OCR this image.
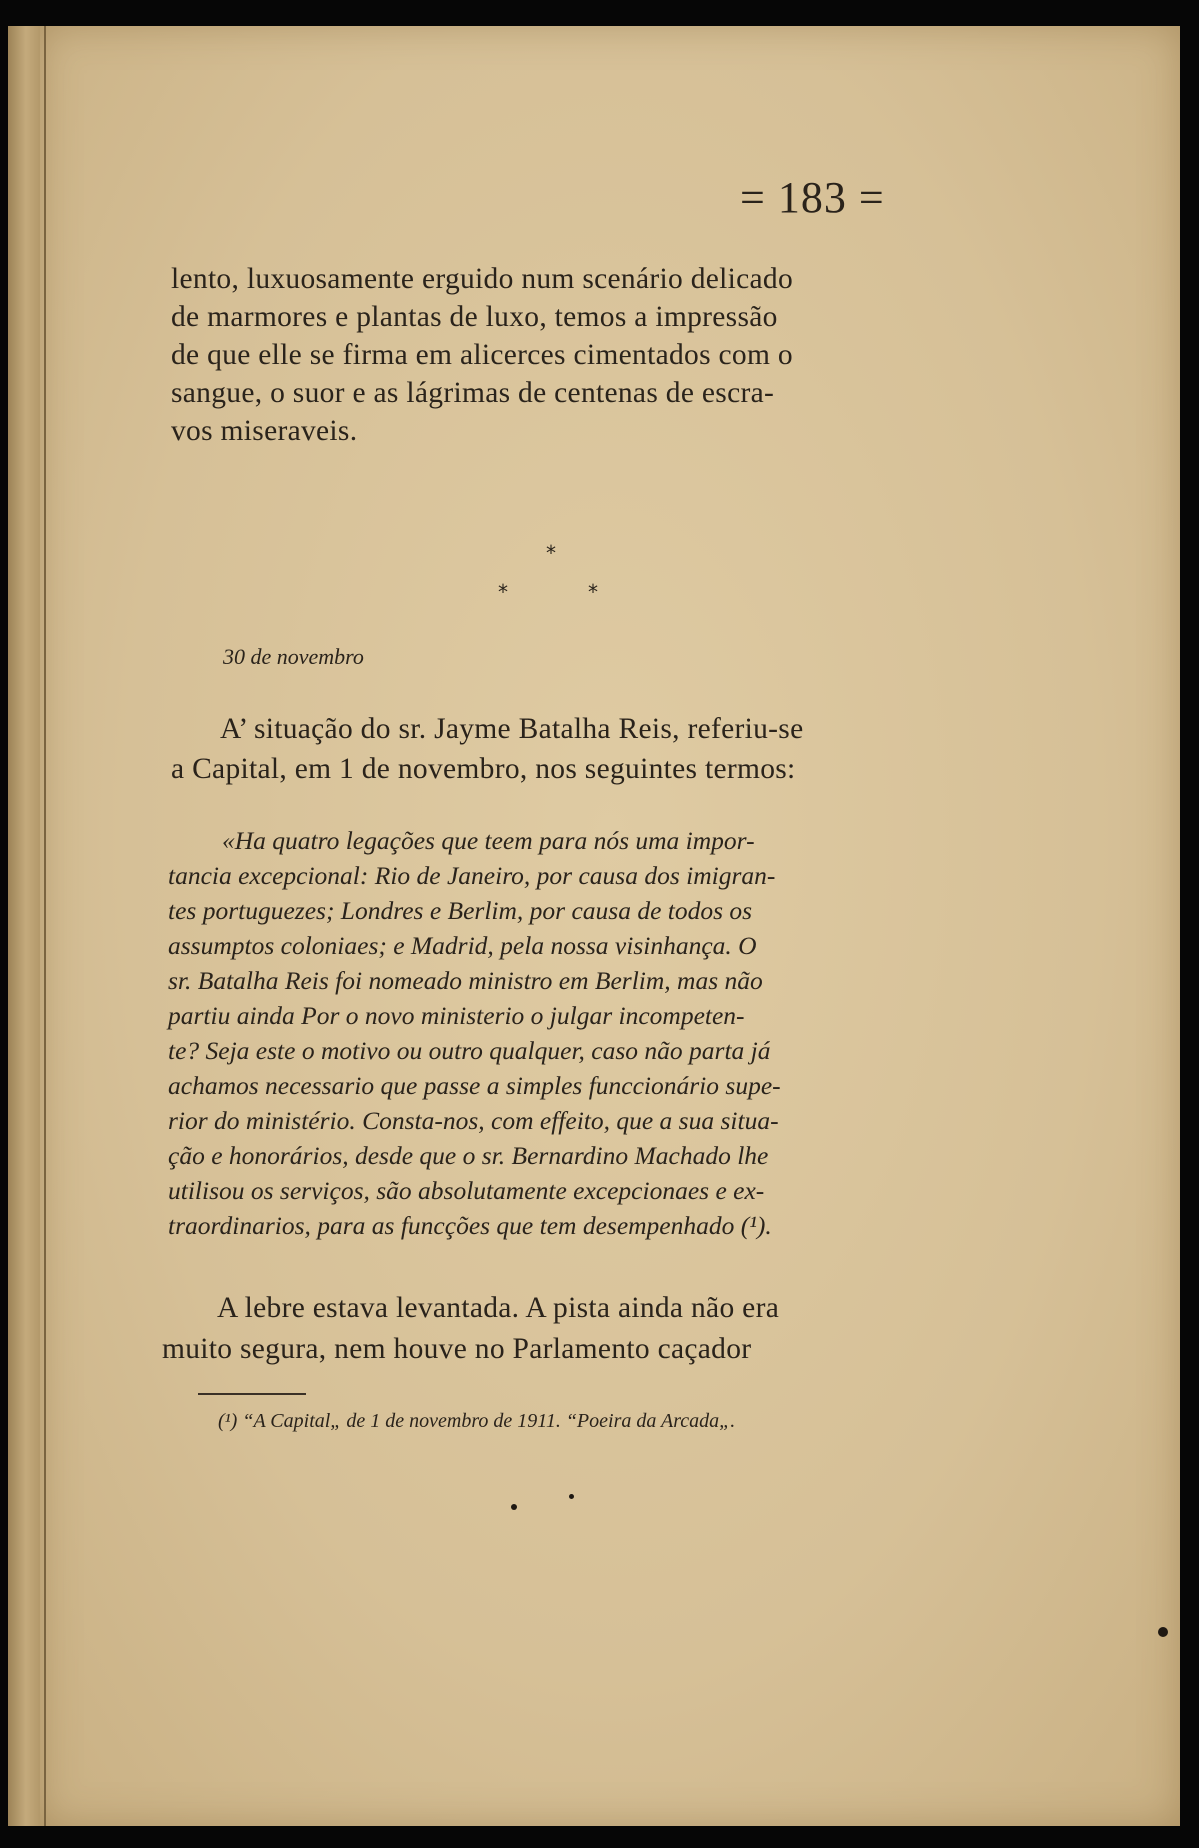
= 183 =
lento, luxuosamente erguido num scenário delicado
de marmores e plantas de luxo, temos a impressão
de que elle se firma em alicerces cimentados com o
sangue, o suor e as lágrimas de centenas de escra-
vos miseraveis.
*
*	*
30 de novembro
A’ situação do sr. Jayme Batalha Reis, referiu-se
a Capital, em 1 de novembro, nos seguintes termos:
«Ha quatro legações que teem para nós uma impor-
tancia excepcional: Rio de Janeiro, por causa dos imigran-
tes portuguezes; Londres e Berlim, por causa de todos os
assumptos coloniaes; e Madrid, pela nossa visinhança. O
sr. Batalha Reis foi nomeado ministro em Berlim, mas não
partiu ainda Por o novo ministerio o julgar incompeten-
te? Seja este o motivo ou outro qualquer, caso não parta já
achamos necessario que passe a simples funccionário supe-
rior do ministério. Consta-nos, com effeito, que a sua situa-
ção e honorários, desde que o sr. Bernardino Machado lhe
utilisou os serviços, são absolutamente excepcionaes e ex-
traordinarios, para as funcções que tem desempenhado (¹).
A lebre estava levantada. A pista ainda não era
muito segura, nem houve no Parlamento caçador
(¹) “A Capital„ de 1 de novembro de 1911. “Poeira da Arcada„.
